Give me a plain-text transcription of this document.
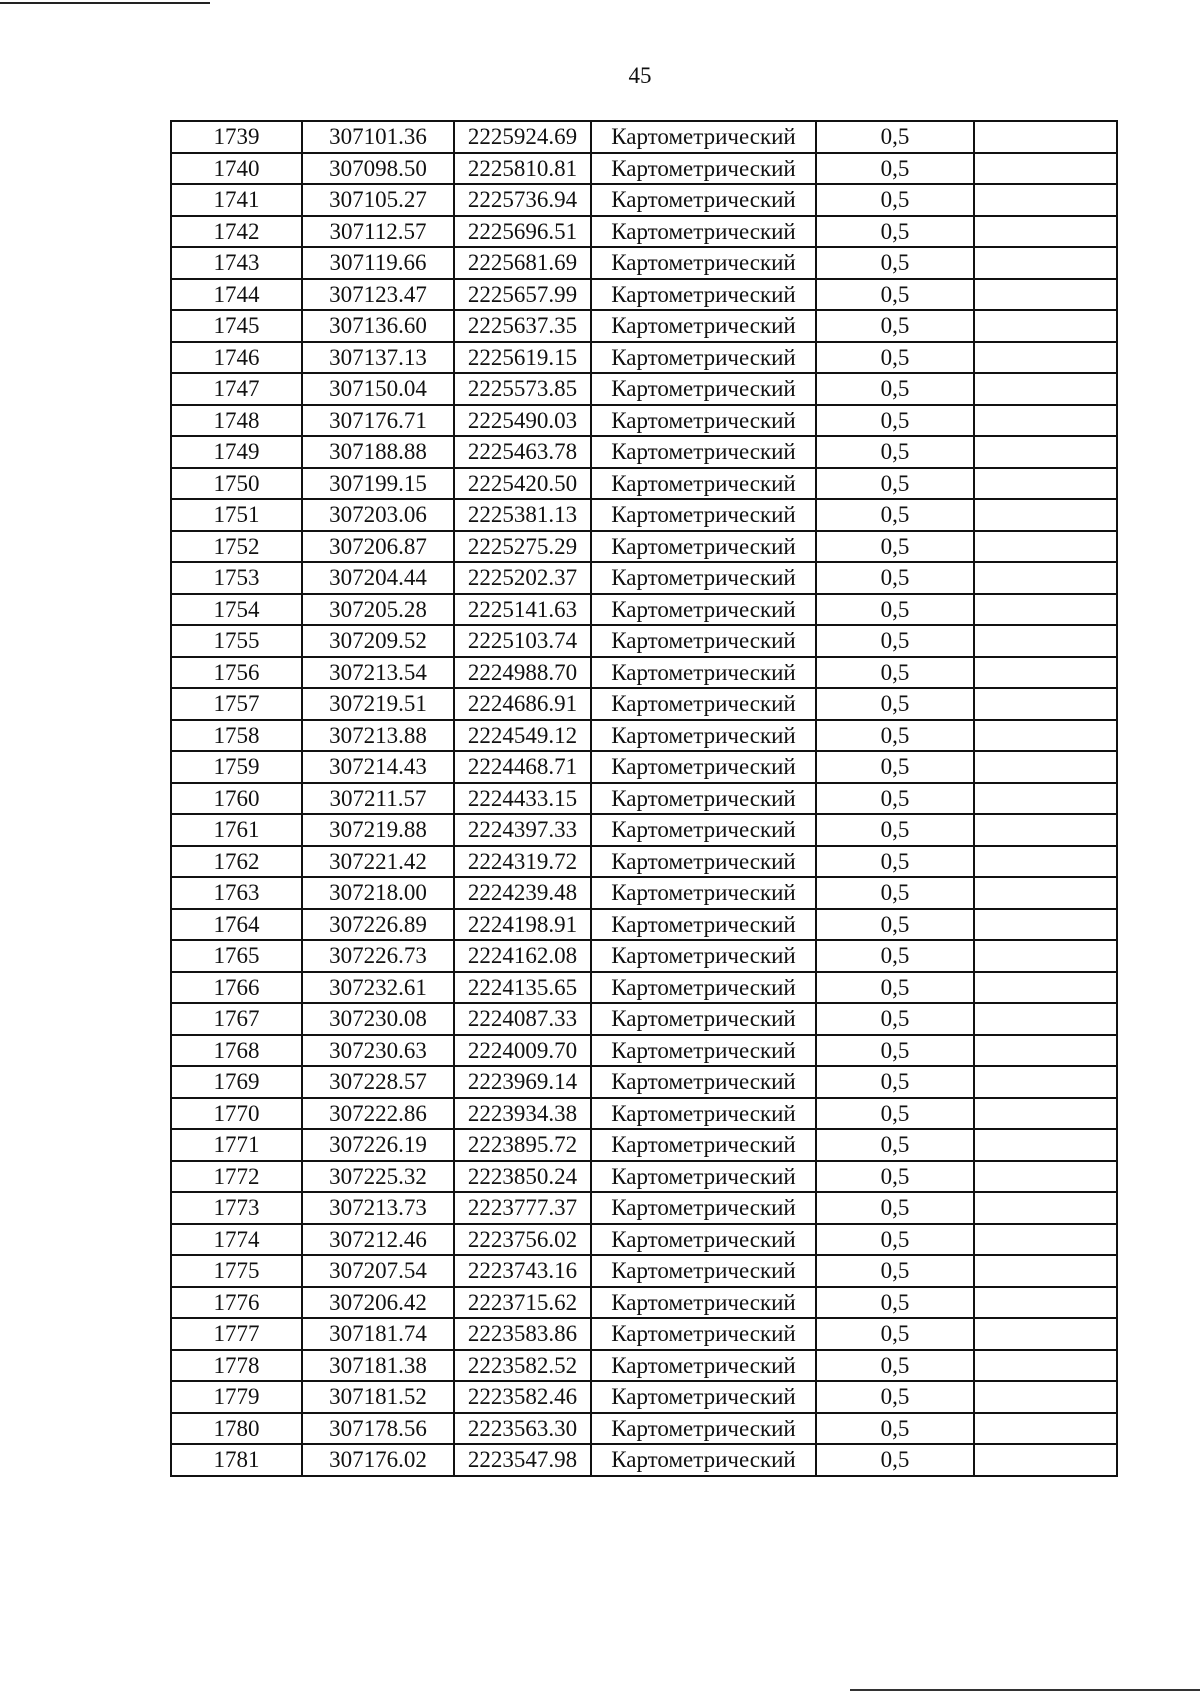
45
1739	307101.36	2225924.69	Картометрический	0,5	
1740	307098.50	2225810.81	Картометрический	0,5	
1741	307105.27	2225736.94	Картометрический	0,5	
1742	307112.57	2225696.51	Картометрический	0,5	
1743	307119.66	2225681.69	Картометрический	0,5	
1744	307123.47	2225657.99	Картометрический	0,5	
1745	307136.60	2225637.35	Картометрический	0,5	
1746	307137.13	2225619.15	Картометрический	0,5	
1747	307150.04	2225573.85	Картометрический	0,5	
1748	307176.71	2225490.03	Картометрический	0,5	
1749	307188.88	2225463.78	Картометрический	0,5	
1750	307199.15	2225420.50	Картометрический	0,5	
1751	307203.06	2225381.13	Картометрический	0,5	
1752	307206.87	2225275.29	Картометрический	0,5	
1753	307204.44	2225202.37	Картометрический	0,5	
1754	307205.28	2225141.63	Картометрический	0,5	
1755	307209.52	2225103.74	Картометрический	0,5	
1756	307213.54	2224988.70	Картометрический	0,5	
1757	307219.51	2224686.91	Картометрический	0,5	
1758	307213.88	2224549.12	Картометрический	0,5	
1759	307214.43	2224468.71	Картометрический	0,5	
1760	307211.57	2224433.15	Картометрический	0,5	
1761	307219.88	2224397.33	Картометрический	0,5	
1762	307221.42	2224319.72	Картометрический	0,5	
1763	307218.00	2224239.48	Картометрический	0,5	
1764	307226.89	2224198.91	Картометрический	0,5	
1765	307226.73	2224162.08	Картометрический	0,5	
1766	307232.61	2224135.65	Картометрический	0,5	
1767	307230.08	2224087.33	Картометрический	0,5	
1768	307230.63	2224009.70	Картометрический	0,5	
1769	307228.57	2223969.14	Картометрический	0,5	
1770	307222.86	2223934.38	Картометрический	0,5	
1771	307226.19	2223895.72	Картометрический	0,5	
1772	307225.32	2223850.24	Картометрический	0,5	
1773	307213.73	2223777.37	Картометрический	0,5	
1774	307212.46	2223756.02	Картометрический	0,5	
1775	307207.54	2223743.16	Картометрический	0,5	
1776	307206.42	2223715.62	Картометрический	0,5	
1777	307181.74	2223583.86	Картометрический	0,5	
1778	307181.38	2223582.52	Картометрический	0,5	
1779	307181.52	2223582.46	Картометрический	0,5	
1780	307178.56	2223563.30	Картометрический	0,5	
1781	307176.02	2223547.98	Картометрический	0,5	
